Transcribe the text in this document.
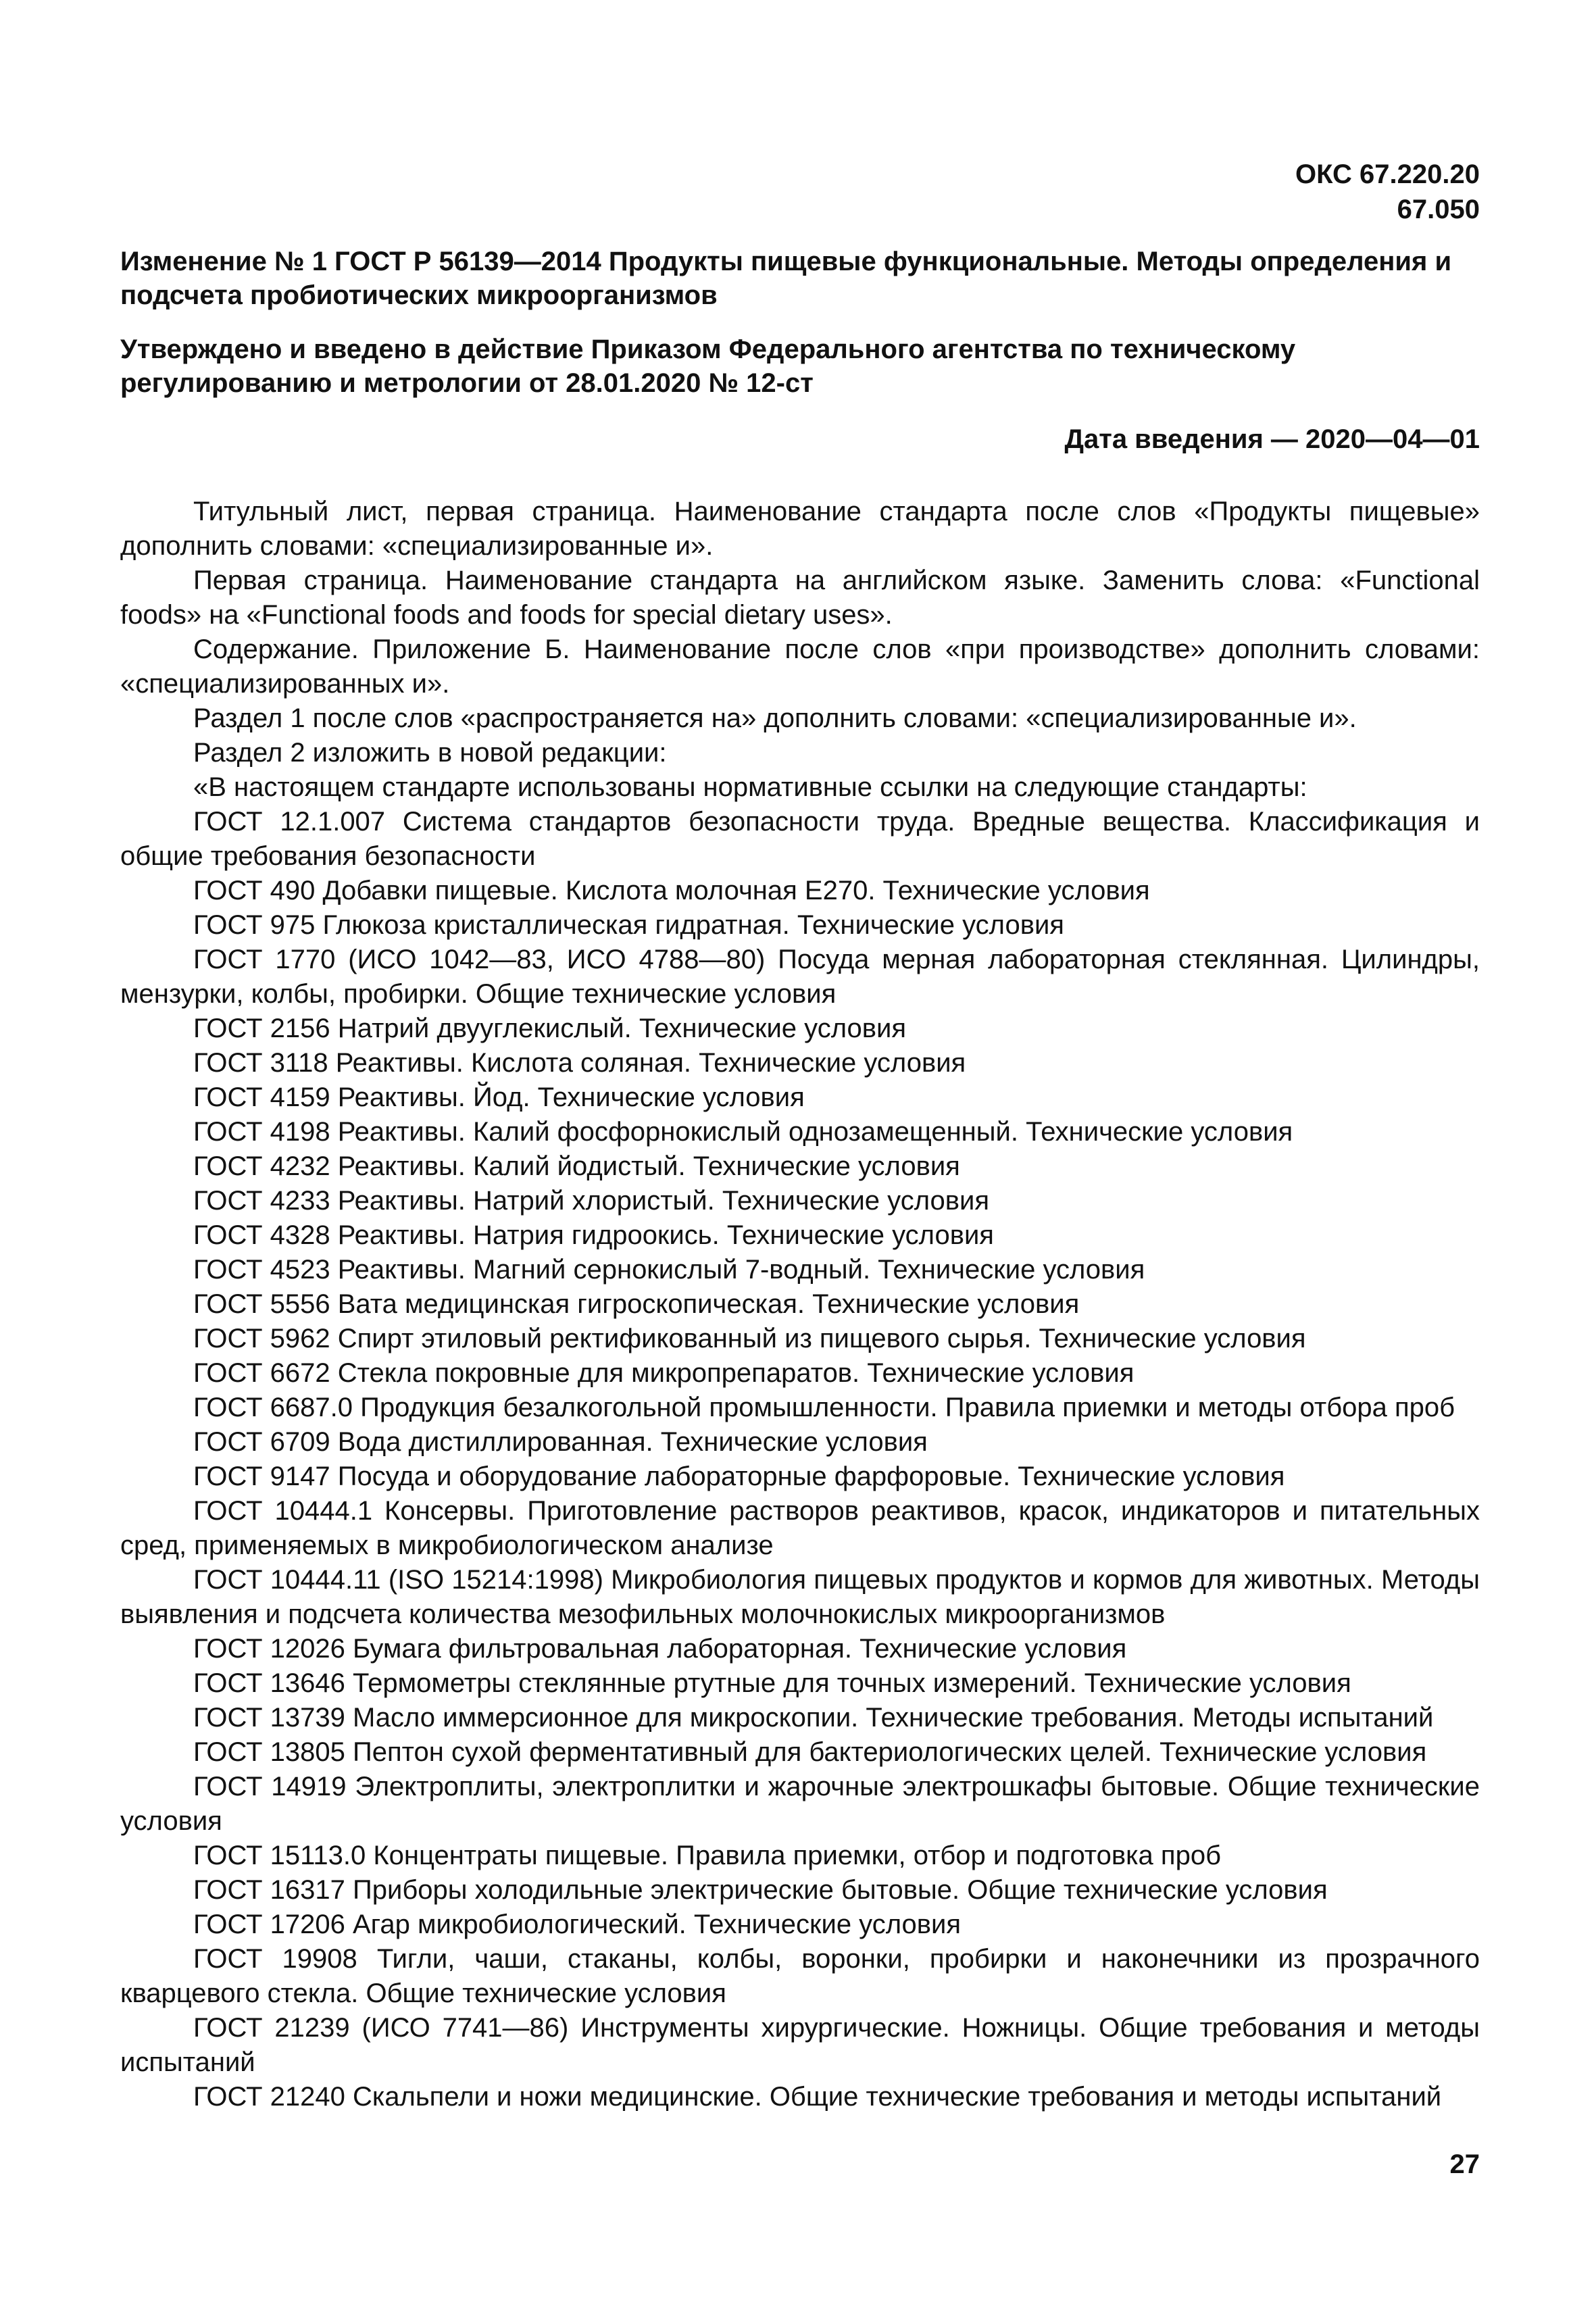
ОКС 67.220.20
67.050
Изменение № 1 ГОСТ Р 56139—2014 Продукты пищевые функциональные. Методы определения и подсчета пробиотических микроорганизмов
Утверждено и введено в действие Приказом Федерального агентства по техническому регулированию и метрологии от 28.01.2020 № 12-ст
Дата введения — 2020—04—01

Титульный лист, первая страница. Наименование стандарта после слов «Продукты пищевые» дополнить словами: «специализированные и».

Первая страница. Наименование стандарта на английском языке. Заменить слова: «Functional foods» на «Functional foods and foods for special dietary uses».

Содержание. Приложение Б. Наименование после слов «при производстве» дополнить словами: «специализированных и».

Раздел 1 после слов «распространяется на» дополнить словами: «специализированные и».

Раздел 2 изложить в новой редакции:

«В настоящем стандарте использованы нормативные ссылки на следующие стандарты:

ГОСТ 12.1.007 Система стандартов безопасности труда. Вредные вещества. Классификация и общие требования безопасности

ГОСТ 490 Добавки пищевые. Кислота молочная Е270. Технические условия

ГОСТ 975 Глюкоза кристаллическая гидратная. Технические условия

ГОСТ 1770 (ИСО 1042—83, ИСО 4788—80) Посуда мерная лабораторная стеклянная. Цилиндры, мензурки, колбы, пробирки. Общие технические условия

ГОСТ 2156 Натрий двууглекислый. Технические условия

ГОСТ 3118 Реактивы. Кислота соляная. Технические условия

ГОСТ 4159 Реактивы. Йод. Технические условия

ГОСТ 4198 Реактивы. Калий фосфорнокислый однозамещенный. Технические условия

ГОСТ 4232 Реактивы. Калий йодистый. Технические условия

ГОСТ 4233 Реактивы. Натрий хлористый. Технические условия

ГОСТ 4328 Реактивы. Натрия гидроокись. Технические условия

ГОСТ 4523 Реактивы. Магний сернокислый 7-водный. Технические условия

ГОСТ 5556 Вата медицинская гигроскопическая. Технические условия

ГОСТ 5962 Спирт этиловый ректификованный из пищевого сырья. Технические условия

ГОСТ 6672 Стекла покровные для микропрепаратов. Технические условия

ГОСТ 6687.0 Продукция безалкогольной промышленности. Правила приемки и методы отбора проб

ГОСТ 6709 Вода дистиллированная. Технические условия

ГОСТ 9147 Посуда и оборудование лабораторные фарфоровые. Технические условия

ГОСТ 10444.1 Консервы. Приготовление растворов реактивов, красок, индикаторов и питательных сред, применяемых в микробиологическом анализе

ГОСТ 10444.11 (ISO 15214:1998) Микробиология пищевых продуктов и кормов для животных. Методы выявления и подсчета количества мезофильных молочнокислых микроорганизмов

ГОСТ 12026 Бумага фильтровальная лабораторная. Технические условия

ГОСТ 13646 Термометры стеклянные ртутные для точных измерений. Технические условия

ГОСТ 13739 Масло иммерсионное для микроскопии. Технические требования. Методы испытаний

ГОСТ 13805 Пептон сухой ферментативный для бактериологических целей. Технические условия

ГОСТ 14919 Электроплиты, электроплитки и жарочные электрошкафы бытовые. Общие технические условия

ГОСТ 15113.0 Концентраты пищевые. Правила приемки, отбор и подготовка проб

ГОСТ 16317 Приборы холодильные электрические бытовые. Общие технические условия

ГОСТ 17206 Агар микробиологический. Технические условия

ГОСТ 19908 Тигли, чаши, стаканы, колбы, воронки, пробирки и наконечники из прозрачного кварцевого стекла. Общие технические условия

ГОСТ 21239 (ИСО 7741—86) Инструменты хирургические. Ножницы. Общие требования и методы испытаний

ГОСТ 21240 Скальпели и ножи медицинские. Общие технические требования и методы испытаний

27
